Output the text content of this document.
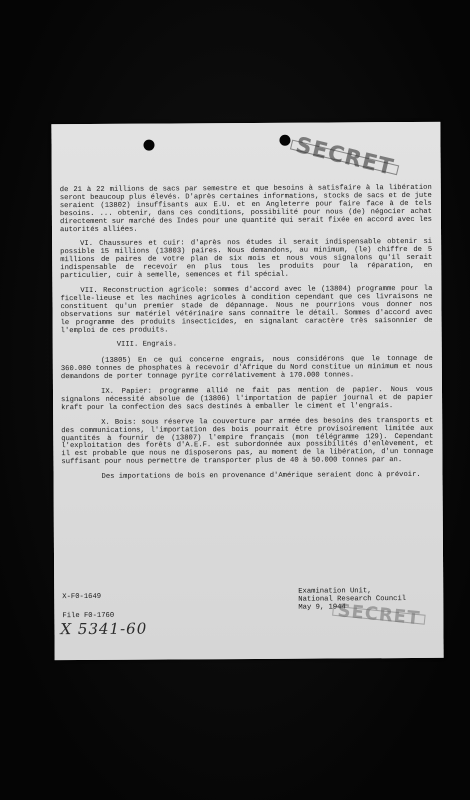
SECRET

de 21 à 22 millions de sacs par semestre et que besoins à satisfaire à la libération seront beaucoup plus élevés. D'après certaines informations, stocks de sacs et de jute seraient (13802) insuffisants aux E.U. et en Angleterre pour faire face à de tels besoins. ... obtenir, dans ces conditions, possibilité pour nous (de) négocier achat directement sur marché des Indes pour une quantité qui serait fixée en accord avec les autorités alliées.

VI. Chaussures et cuir: d'après nos études il serait indispensable obtenir si possible 15 millions (13803) paires. Nous demandons, au minimum, (le) chiffre de 5 millions de paires de votre plan de six mois et nous vous signalons qu'il serait indispensable de recevoir en plus tous les produits pour la réparation, en particulier, cuir à semelle, semences et fil spécial.

VII. Reconstruction agricole: sommes d'accord avec le (13804) programme pour la ficelle-lieuse et les machines agricoles à condition cependant que ces livraisons ne constituent qu'un premier stade de dépannage. Nous ne pourrions vous donner nos observations sur matériel vétérinaire sans connaître le détail. Sommes d'accord avec le programme des produits insecticides, en signalant caractère très saisonnier de l'emploi de ces produits.

VIII. Engrais.

(13805) En ce qui concerne engrais, nous considérons que le tonnage de 360.000 tonnes de phosphates à recevoir d'Afrique du Nord constitue un minimum et nous demandons de porter tonnage pyrite corrélativement à 170.000 tonnes.

IX. Papier: programme allié ne fait pas mention de papier. Nous vous signalons nécessité absolue de (13806) l'importation de papier journal et de papier kraft pour la confection des sacs destinés à emballer le ciment et l'engrais.

X. Bois: sous réserve la couverture par armée des besoins des transports et des communications, l'importation des bois pourrait être provisoirement limitée aux quantités à fournir de (13807) l'empire français (mon télégramme 129). Cependant l'exploitation des forêts d'A.E.F. est subordonnée aux possibilités d'enlèvement, et il est probable que nous ne disposerons pas, au moment de la libération, d'un tonnage suffisant pour nous permettre de transporter plus de 40 à 50.000 tonnes par an.

Des importations de bois en provenance d'Amérique seraient donc à prévoir.

X-F0-1649
File F0-1760
Examination Unit,
National Research Council
May 9, 1944
SECRET
X 5341-60
